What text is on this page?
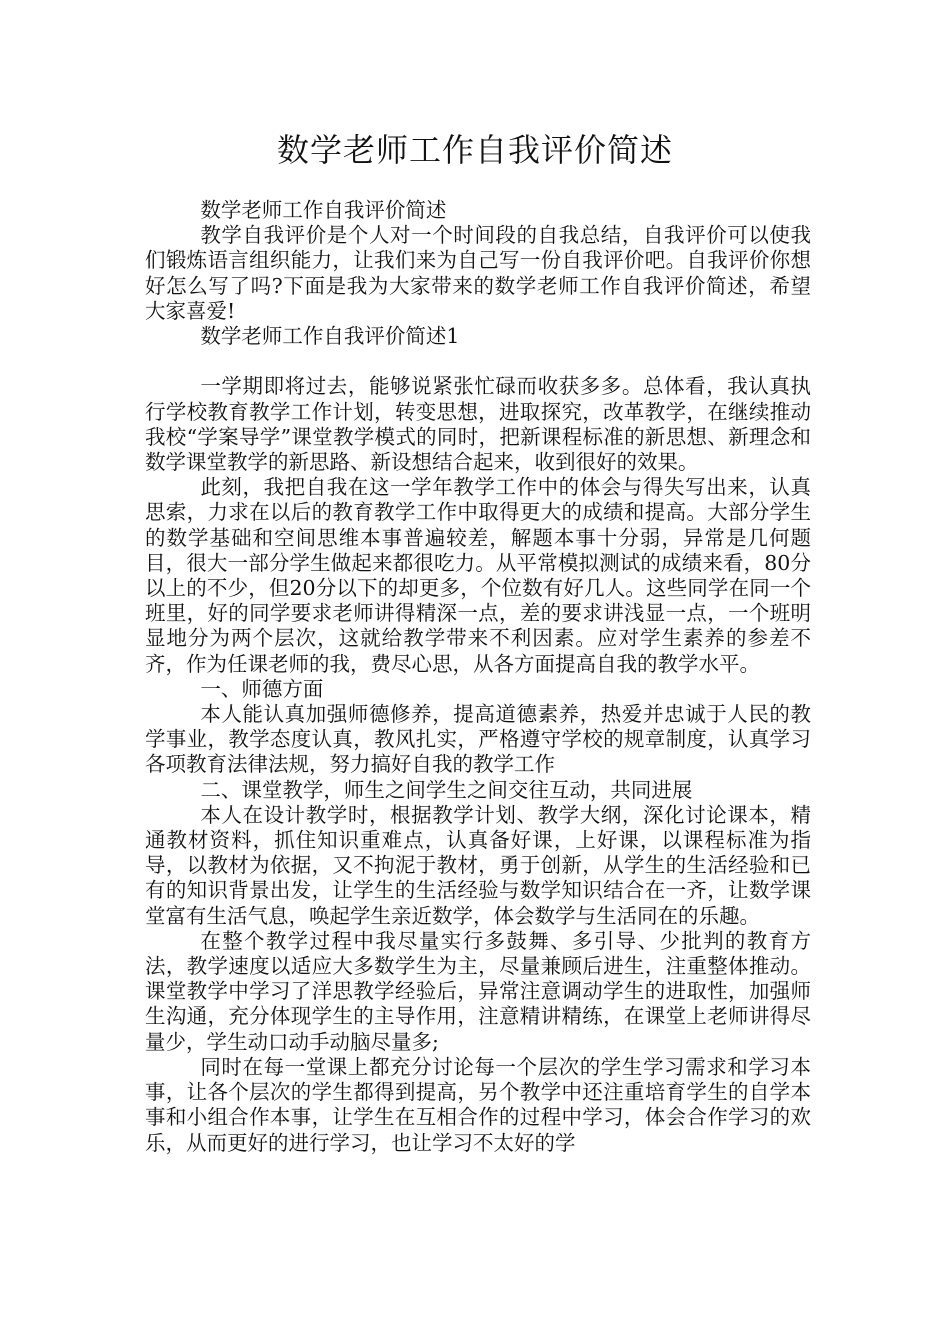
数学老师工作自我评价简述

数学老师工作自我评价简述

教学自我评价是个人对一个时间段的自我总结，自我评价可以使我们锻炼语言组织能力，让我们来为自己写一份自我评价吧。自我评价你想好怎么写了吗?下面是我为大家带来的数学老师工作自我评价简述，希望大家喜爱!

数学老师工作自我评价简述1

一学期即将过去，能够说紧张忙碌而收获多多。总体看，我认真执行学校教育教学工作计划，转变思想，进取探究，改革教学，在继续推动我校“学案导学”课堂教学模式的同时，把新课程标准的新思想、新理念和数学课堂教学的新思路、新设想结合起来，收到很好的效果。

此刻，我把自我在这一学年教学工作中的体会与得失写出来，认真思索，力求在以后的教育教学工作中取得更大的成绩和提高。大部分学生的数学基础和空间思维本事普遍较差，解题本事十分弱，异常是几何题目，很大一部分学生做起来都很吃力。从平常模拟测试的成绩来看，80分以上的不少，但20分以下的却更多，个位数有好几人。这些同学在同一个班里，好的同学要求老师讲得精深一点，差的要求讲浅显一点，一个班明显地分为两个层次，这就给教学带来不利因素。应对学生素养的参差不齐，作为任课老师的我，费尽心思，从各方面提高自我的教学水平。

一、师德方面

本人能认真加强师德修养，提高道德素养，热爱并忠诚于人民的教学事业，教学态度认真，教风扎实，严格遵守学校的规章制度，认真学习各项教育法律法规，努力搞好自我的教学工作

二、课堂教学，师生之间学生之间交往互动，共同进展

本人在设计教学时，根据教学计划、教学大纲，深化讨论课本，精通教材资料，抓住知识重难点，认真备好课，上好课，以课程标准为指导，以教材为依据，又不拘泥于教材，勇于创新，从学生的生活经验和已有的知识背景出发，让学生的生活经验与数学知识结合在一齐，让数学课堂富有生活气息，唤起学生亲近数学，体会数学与生活同在的乐趣。

在整个教学过程中我尽量实行多鼓舞、多引导、少批判的教育方法，教学速度以适应大多数学生为主，尽量兼顾后进生，注重整体推动。课堂教学中学习了洋思教学经验后，异常注意调动学生的进取性，加强师生沟通，充分体现学生的主导作用，注意精讲精练，在课堂上老师讲得尽量少，学生动口动手动脑尽量多;

同时在每一堂课上都充分讨论每一个层次的学生学习需求和学习本事，让各个层次的学生都得到提高，另个教学中还注重培育学生的自学本事和小组合作本事，让学生在互相合作的过程中学习，体会合作学习的欢乐，从而更好的进行学习，也让学习不太好的学
